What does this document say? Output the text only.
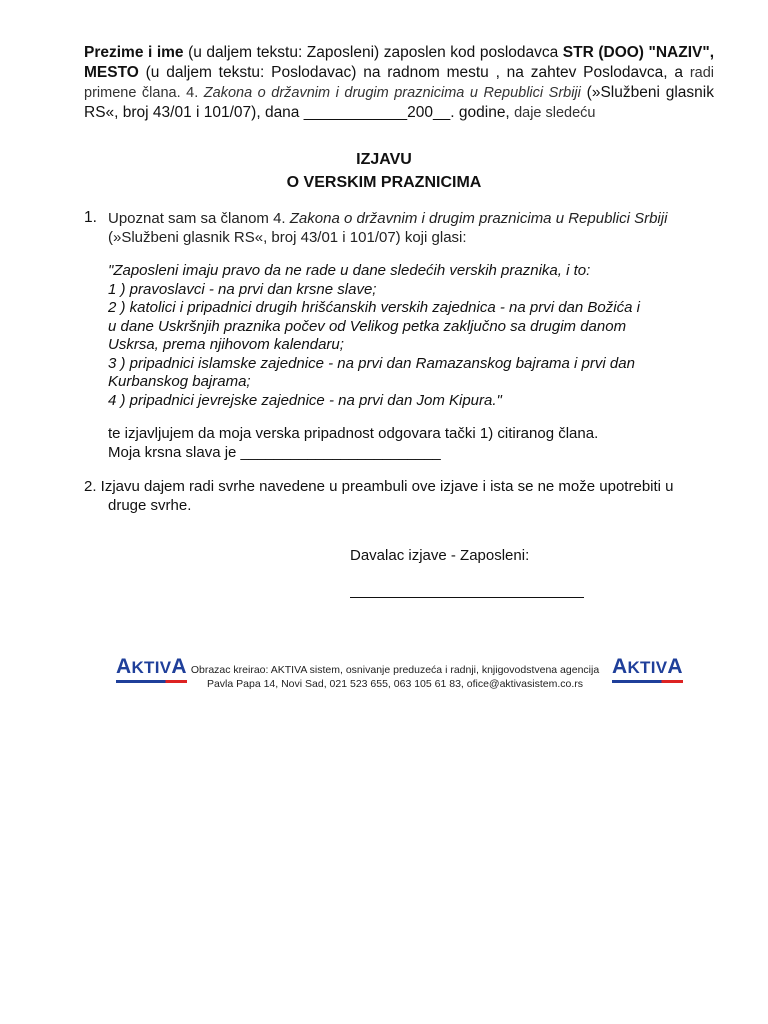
Prezime i ime (u daljem tekstu: Zaposleni) zaposlen kod poslodavca STR (DOO) "NAZIV", MESTO (u daljem tekstu: Poslodavac) na radnom mestu , na zahtev Poslodavca, a radi primene člana. 4. Zakona o državnim i drugim praznicima u Republici Srbiji (»Službeni glasnik RS«, broj 43/01 i 101/07), dana ____________200__. godine, daje sledeću
IZJAVU
O VERSKIM PRAZNICIMA
1. Upoznat sam sa članom 4. Zakona o državnim i drugim praznicima u Republici Srbiji
(»Službeni glasnik RS«, broj 43/01 i 101/07) koji glasi:
"Zaposleni imaju pravo da ne rade u dane sledećih verskih praznika, i to:
1 ) pravoslavci - na prvi dan krsne slave;
2 ) katolici i pripadnici drugih hrišćanskih verskih zajednica - na prvi dan Božića i
u dane Uskršnjih praznika počev od Velikog petka zaključno sa drugim danom
Uskrsa, prema njihovom kalendaru;
3 ) pripadnici islamske zajednice - na prvi dan Ramazanskog bajrama i prvi dan
Kurbanskog bajrama;
4 ) pripadnici jevrejske zajednice - na prvi dan Jom Kipura."
te izjavljujem da moja verska pripadnost odgovara tački 1) citiranog člana.
Moja krsna slava je ________________________
2. Izjavu dajem radi svrhe navedene u preambuli ove izjave i ista se ne može upotrebiti u
druge svrhe.
Davalac izjave - Zaposleni:
AKTIVA Obrazac kreirao: AKTIVA sistem, osnivanje preduzeća i radnji, knjigovodstvena agencija
Pavla Papa 14, Novi Sad, 021 523 655, 063 105 61 83, ofice@aktivasistem.co.rs
AKTIVA
